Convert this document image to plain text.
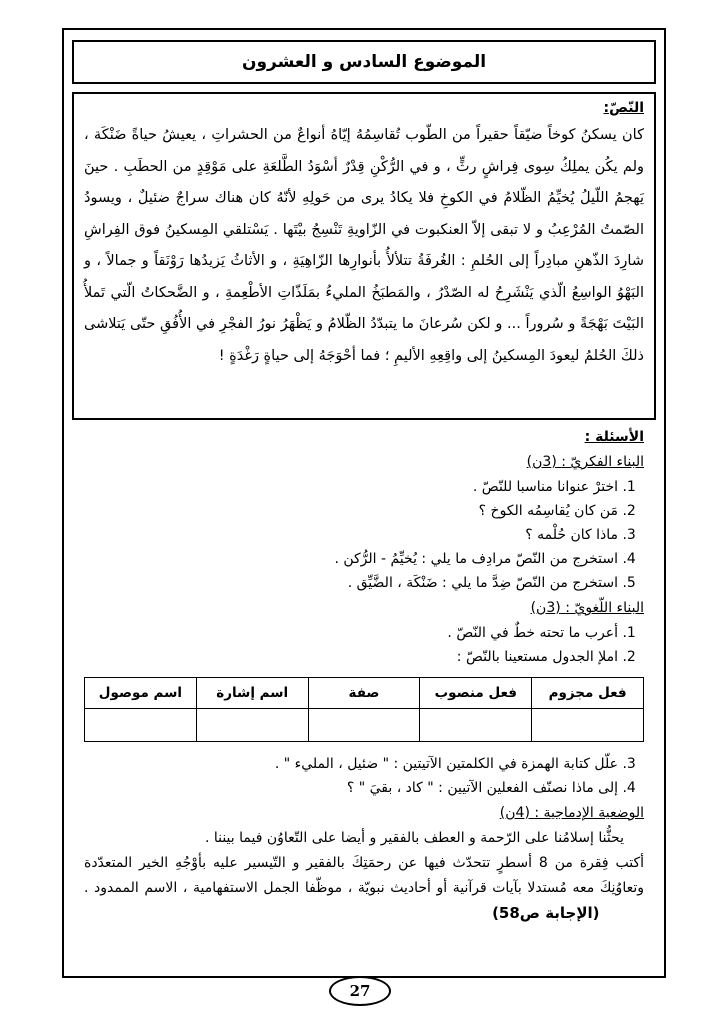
الموضوع السادس و العشرون

النّصّ:

كان يسكنُ كوخاً ضيّقاً حقيراً من الطّوب تُقاسِمُهُ إيّاهُ أنواعٌ من الحشراتِ ، يعيشُ حياةً ضَنْكَة ، ولم يكُن يملِكُ سِوى فِراشٍ رثٍّ ، و في الرُّكْنِ قِدْرٌ أسْوَدُ الطَّلعَةِ على مَوْقِدٍ من الحطَبِ . حينَ يَهجمُ اللّيلُ يُخيِّمُ الظّلامُ في الكوخِ فلا يكادُ يرى من حَولِهِ لأنّهُ كان هناك سراجٌ ضئيلٌ ، ويسودُ الصّمتُ المُرْعِبُ و لا تبقى إلاّ العنكبوت في الزّاويةِ تَنْسِجُ بيْتَها . يَسْتلقي المِسكينُ فوق الفِراشِ شارِدَ الذّهنِ مبادِراً إلى الحُلمِ : الغُرفَةُ تتلألأُ بأنوارِها الزّاهِيَةِ ، و الأثاثُ يَزيدُها رَوْنَقاً و جمالاً ، و البَهْوُ الواسِعُ الّذي يَنْشَرِحُ له الصّدْرُ ، والمَطبَخُ المليءُ بمَلَذّاتِ الأطْعِمةِ ، و الضَّحكاتُ الّتي تَملأُ البَيْتَ بَهْجَةً و سُروراً ... و لكن سُرعانَ ما يتبدّدُ الظّلامُ و يَظْهَرُ نورُ الفجْرِ في الأُفُقِ حتّى يَتلاشى ذلكَ الحُلمُ ليعودَ المِسكينُ إلى واقِعِهِ الأليمِ ؛ فما أحْوَجَهُ إلى حياةٍ رَغْدَةٍ !

الأسئلة :

البناء الفكريّ : (3ن)

1. اخترْ عنوانا مناسبا للنّصّ .
2. مَن كان يُقاسِمُه الكوخ ؟
3. ماذا كان حُلْمه ؟
4. استخرج من النّصّ مرادِف ما يلي : يُخيِّمُ - الرُّكن .
5. استخرج من النّصّ ضِدَّ ما يلي : ضَنْكَة ، الضَّيِّق .

البناء اللّغويّ : (3ن)

1. أعرب ما تحته خطٌ في النّصّ .
2. املإ الجدول مستعينا بالنّصّ :
فعل مجزوم	فعل منصوب	صفة	اسم إشارة	اسم موصول

3. علّل كتابة الهمزة في الكلمتين الآتيتين : " ضئيل ، المليء " .
4. إلى ماذا نصنّف الفعلين الآتيين : " كاد ، بقيَ " ؟

الوضعية الإدماجية : (4ن)

يحثُّنا إسلامُنا على الرّحمة و العطف بالفقير و أيضا على التّعاوُن فيما بيننا .

أكتب فِقرة من 8 أسطرٍ تتحدّث فيها عن رحمَتِكَ بالفقير و التّيسير عليه بأوْجُهِ الخير المتعدّدة وتعاوُنِكَ معه مُستدلا بآيات قرآنية أو أحاديث نبويّة ، موظّفا الجمل الاستفهامية ، الاسم الممدود .  (الإجابة ص58)

27
